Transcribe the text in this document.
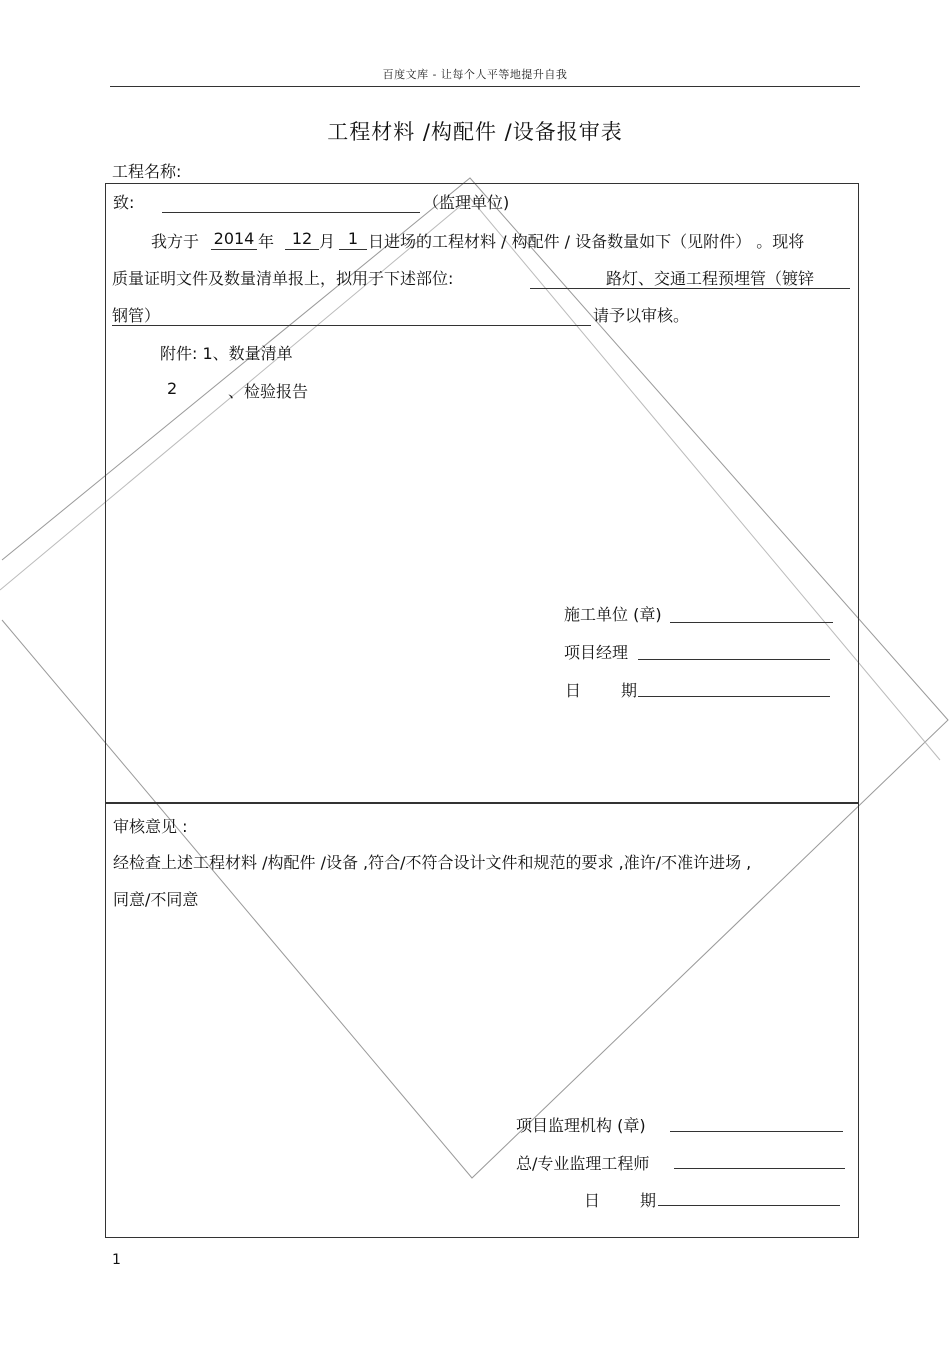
百度文库 - 让每个人平等地提升自我
工程材料 /构配件 /设备报审表
工程名称:
致:	（监理单位)
我方于 2014 年	12 月 1 日进场的工程材料 / 构配件 / 设备数量如下（见附件） 。现将
质量证明文件及数量清单报上，拟用于下述部位:	路灯、交通工程预埋管（镀锌
钢管）	请予以审核。
附件: 1、数量清单
2	、检验报告
施工单位 (章)
项目经理
日 期
审核意见 :
经检查上述工程材料 /构配件 /设备 ,符合/不符合设计文件和规范的要求 ,准许/不准许进场 ,
同意/不同意
项目监理机构 (章)
总/专业监理工程师
日 期
1
